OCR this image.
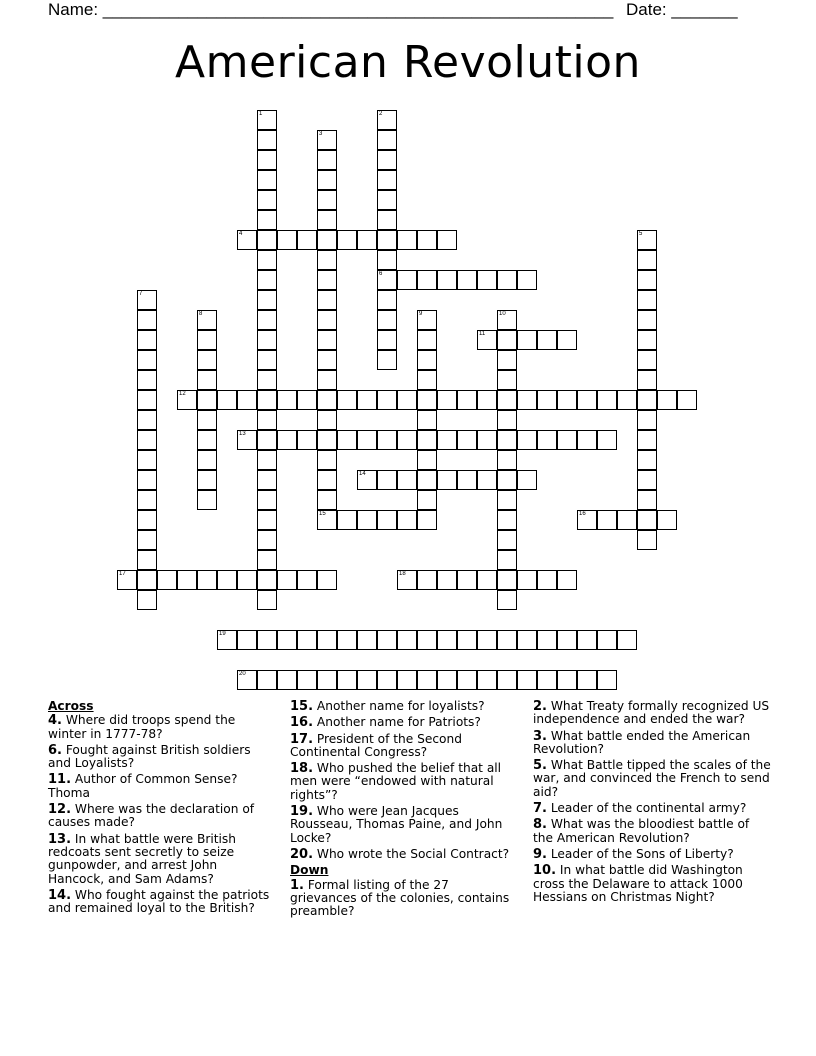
Name: ______________________________________________________ Date: _______
American Revolution
4
6
11
12
13
14
15	16
17	18
19
20
1	2
3
5
7
8	9	10
Across
4. Where did troops spend the winter in 1777-78?
6. Fought against British soldiers and Loyalists?
11. Author of Common Sense? Thoma
12. Where was the declaration of causes made?
13. In what battle were British redcoats sent secretly to seize gunpowder, and arrest John Hancock, and Sam Adams?
14. Who fought against the patriots and remained loyal to the British?
15. Another name for loyalists?
16. Another name for Patriots?
17. President of the Second Continental Congress?
18. Who pushed the belief that all men were “endowed with natural rights”?
19. Who were Jean Jacques Rousseau, Thomas Paine, and John Locke?
20. Who wrote the Social Contract?
Down
1. Formal listing of the 27 grievances of the colonies, contains preamble?
2. What Treaty formally recognized US independence and ended the war?
3. What battle ended the American Revolution?
5. What Battle tipped the scales of the war, and convinced the French to send aid?
7. Leader of the continental army?
8. What was the bloodiest battle of the American Revolution?
9. Leader of the Sons of Liberty?
10. In what battle did Washington cross the Delaware to attack 1000 Hessians on Christmas Night?
